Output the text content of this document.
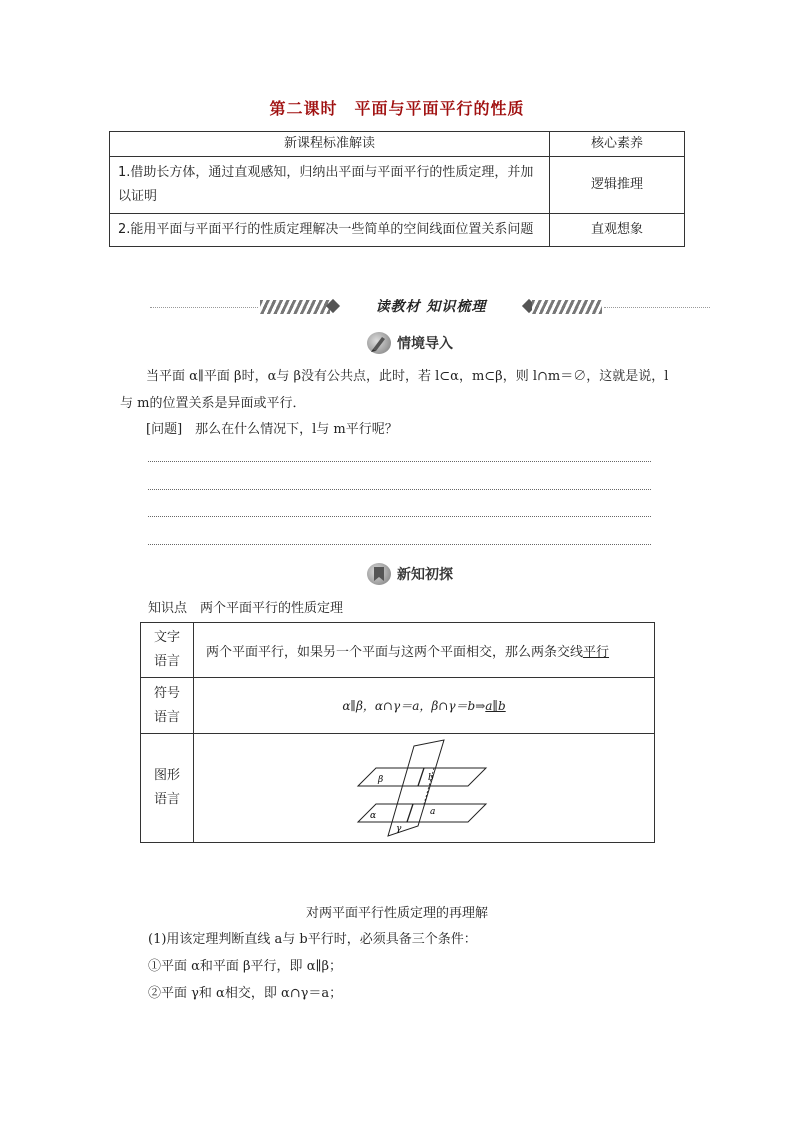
第二课时　平面与平面平行的性质
新课程标准解读	核心素养
1.借助长方体，通过直观感知，归纳出平面与平面平行的性质定理，并加以证明	逻辑推理
2.能用平面与平面平行的性质定理解决一些简单的空间线面位置关系问题	直观想象
读教材 知识梳理
情境导入
当平面 α∥平面 β时，α与 β没有公共点，此时，若 l⊂α，m⊂β，则 l∩m＝∅，这就是说，l与 m的位置关系是异面或平行．
[问题]　那么在什么情况下，l与 m平行呢？
新知初探
知识点　两个平面平行的性质定理
文字
语言	两个平面平行，如果另一个平面与这两个平面相交，那么两条交线平行
符号
语言	α∥β，α∩γ＝a，β∩γ＝b⇒a∥b
图形
语言	β b
a
α
γ
对两平面平行性质定理的再理解
(1)用该定理判断直线 a与 b平行时，必须具备三个条件：
①平面 α和平面 β平行，即 α∥β；
②平面 γ和 α相交，即 α∩γ＝a；
